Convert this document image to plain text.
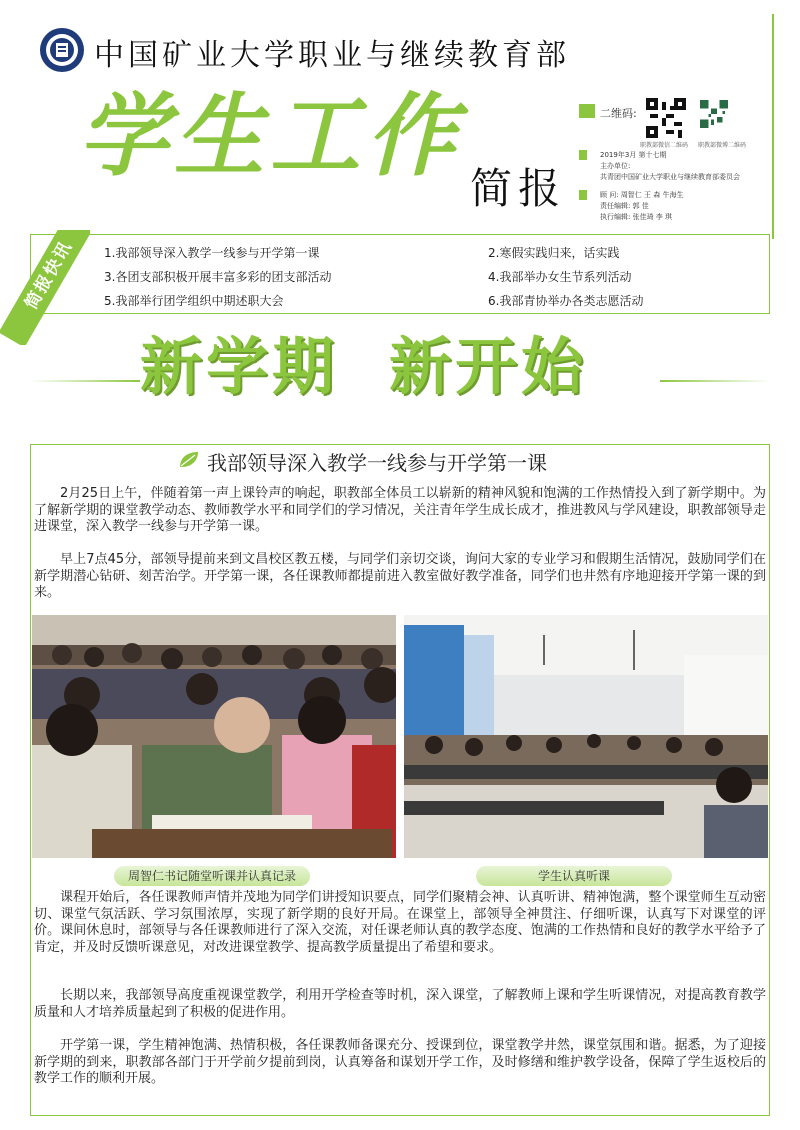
中国矿业大学职业与继续教育部
学生工作 简报
二维码:
职教部微信二维码 职教部微博二维码
2019年3月 第十七期
主办单位:
共青团中国矿业大学职业与继续教育部委员会
顾 问: 周智仁 王 森 牛海生
责任编辑: 郭 佳
执行编辑: 张佳琦 李 琪
简报快讯	1.我部领导深入教学一线参与开学第一课	2.寒假实践归来，话实践
3.各团支部积极开展丰富多彩的团支部活动	4.我部举办女生节系列活动
5.我部举行团学组织中期述职大会	6.我部青协举办各类志愿活动
新学期  新开始
我部领导深入教学一线参与开学第一课

2月25日上午，伴随着第一声上课铃声的响起，职教部全体员工以崭新的精神风貌和饱满的工作热情投入到了新学期中。为了解新学期的课堂教学动态、教师教学水平和同学们的学习情况，关注青年学生成长成才，推进教风与学风建设，职教部领导走进课堂，深入教学一线参与开学第一课。

早上7点45分，部领导提前来到文昌校区教五楼，与同学们亲切交谈，询问大家的专业学习和假期生活情况，鼓励同学们在新学期潜心钻研、刻苦治学。开学第一课，各任课教师都提前进入教室做好教学准备，同学们也井然有序地迎接开学第一课的到来。

周智仁书记随堂听课并认真记录	学生认真听课

课程开始后，各任课教师声情并茂地为同学们讲授知识要点，同学们聚精会神、认真听讲、精神饱满，整个课堂师生互动密切、课堂气氛活跃、学习氛围浓厚，实现了新学期的良好开局。在课堂上，部领导全神贯注、仔细听课，认真写下对课堂的评价。课间休息时，部领导与各任课教师进行了深入交流，对任课老师认真的教学态度、饱满的工作热情和良好的教学水平给予了肯定，并及时反馈听课意见，对改进课堂教学、提高教学质量提出了希望和要求。

长期以来，我部领导高度重视课堂教学，利用开学检查等时机，深入课堂，了解教师上课和学生听课情况，对提高教育教学质量和人才培养质量起到了积极的促进作用。

开学第一课，学生精神饱满、热情积极，各任课教师备课充分、授课到位，课堂教学井然，课堂氛围和谐。据悉，为了迎接新学期的到来，职教部各部门于开学前夕提前到岗，认真筹备和谋划开学工作，及时修缮和维护教学设备，保障了学生返校后的教学工作的顺利开展。
